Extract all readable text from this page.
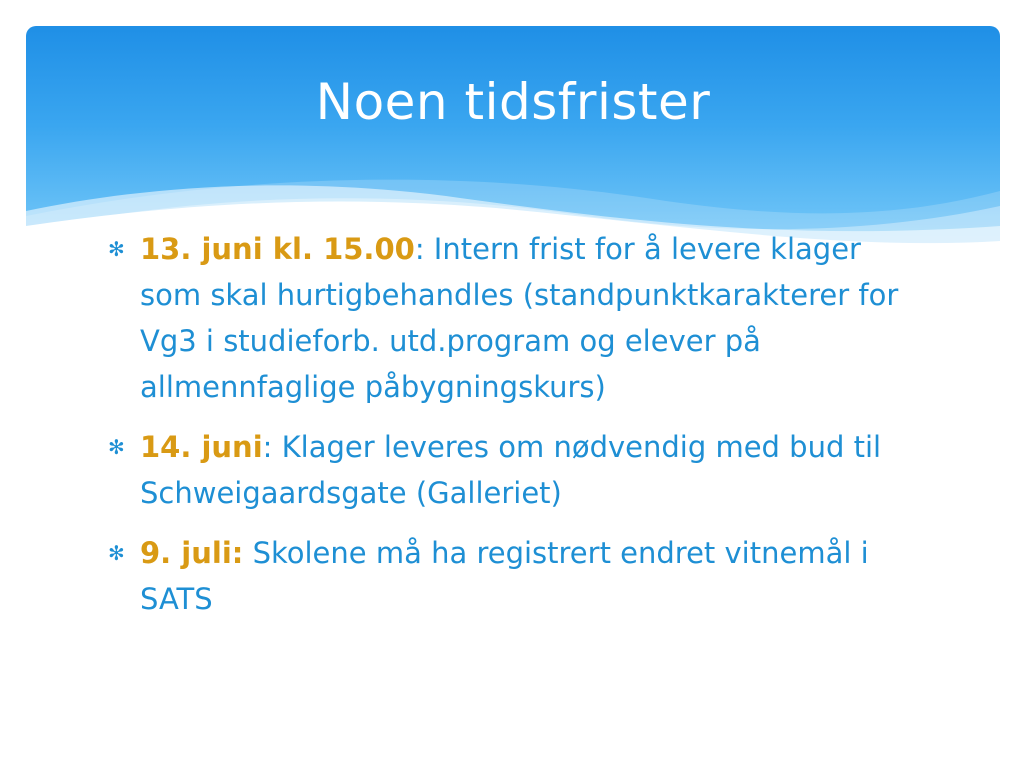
Noen tidsfrister
✻ 13. juni kl. 15.00: Intern frist for å levere klager som skal hurtigbehandles (standpunktkarakterer for Vg3 i studieforb. utd.program og elever på allmennfaglige påbygningskurs)
✻ 14. juni: Klager leveres om nødvendig med bud til Schweigaardsgate (Galleriet)
✻ 9. juli: Skolene må ha registrert endret vitnemål i SATS
